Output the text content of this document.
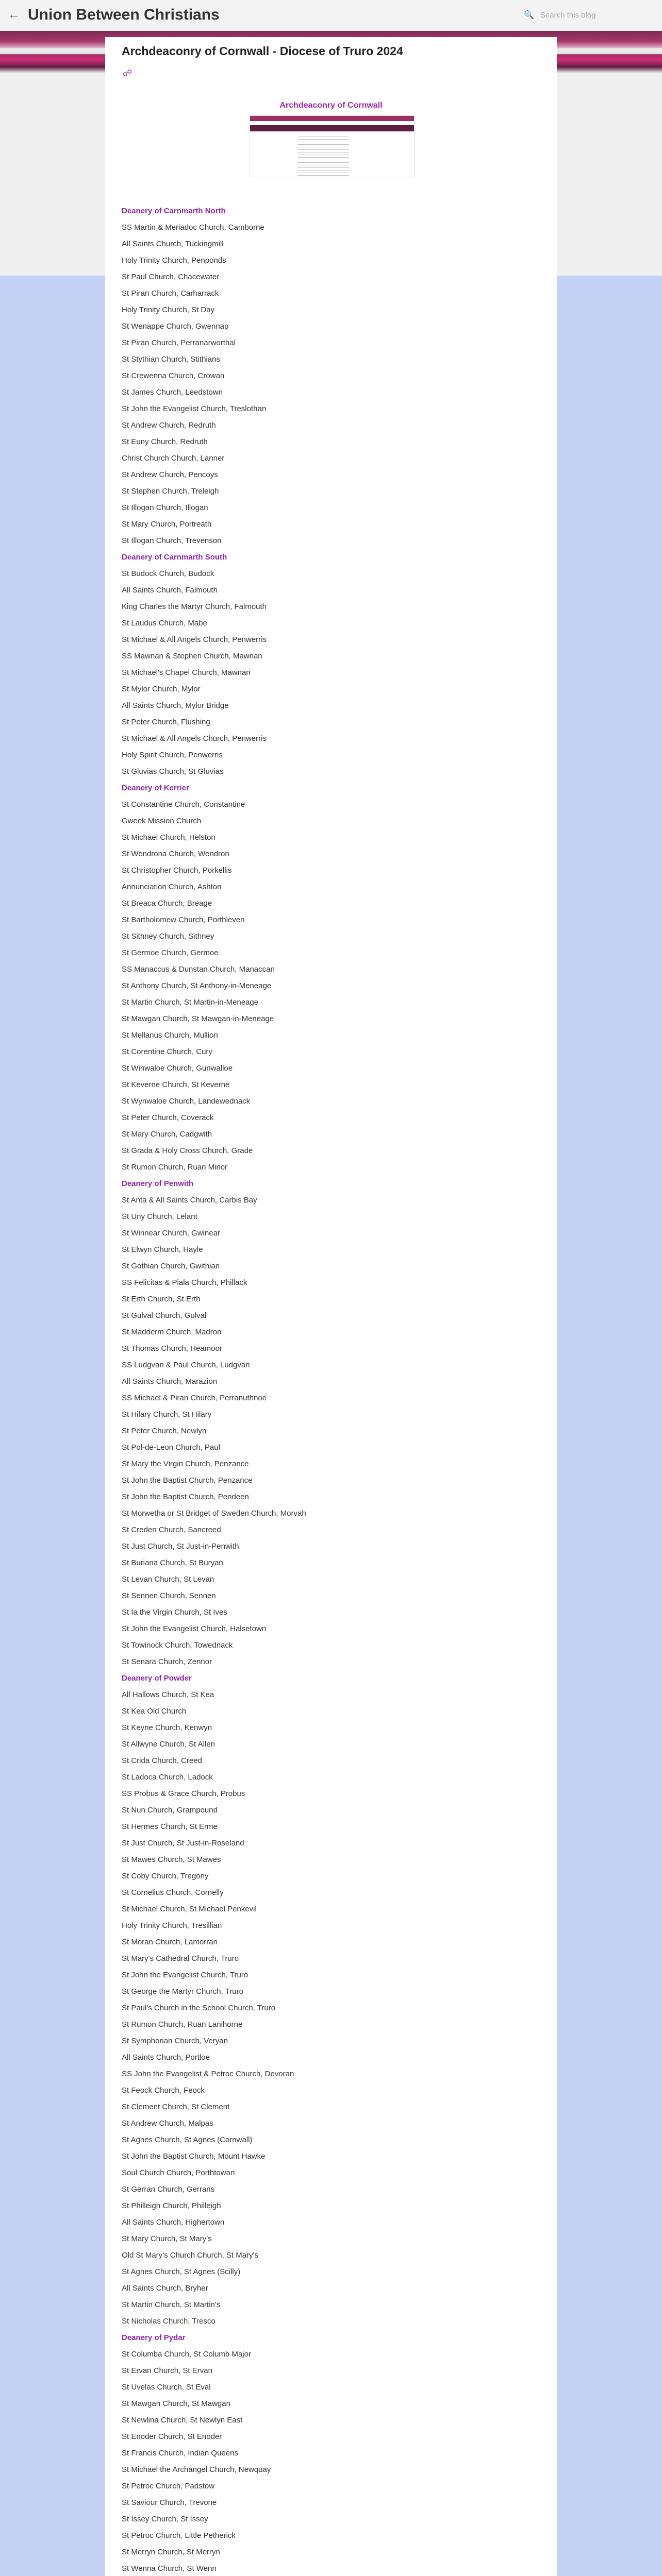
← Union Between Christians	🔍 Search this blog
Archdeaconry of Cornwall - Diocese of Truro 2024
☍
Archdeaconry of Cornwall
Deanery of Carnmarth North
SS Martin & Meriadoc Church, Camborne
All Saints Church, Tuckingmill
Holy Trinity Church, Penponds
St Paul Church, Chacewater
St Piran Church, Carharrack
Holy Trinity Church, St Day
St Wenappe Church, Gwennap
St Piran Church, Perranarworthal
St Stythian Church, Stithians
St Crewenna Church, Crowan
St James Church, Leedstown
St John the Evangelist Church, Treslothan
St Andrew Church, Redruth
St Euny Church, Redruth
Christ Church Church, Lanner
St Andrew Church, Pencoys
St Stephen Church, Treleigh
St Illogan Church, Illogan
St Mary Church, Portreath
St Illogan Church, Trevenson
Deanery of Carnmarth South
St Budock Church, Budock
All Saints Church, Falmouth
King Charles the Martyr Church, Falmouth
St Laudus Church, Mabe
St Michael & All Angels Church, Penwerris
SS Mawnan & Stephen Church, Mawnan
St Michael's Chapel Church, Mawnan
St Mylor Church, Mylor
All Saints Church, Mylor Bridge
St Peter Church, Flushing
St Michael & All Angels Church, Penwerris
Holy Spirit Church, Penwerris
St Gluvias Church, St Gluvias
Deanery of Kerrier
St Constantine Church, Constantine
Gweek Mission Church
St Michael Church, Helston
St Wendrona Church, Wendron
St Christopher Church, Porkellis
Annunciation Church, Ashton
St Breaca Church, Breage
St Bartholomew Church, Porthleven
St Sithney Church, Sithney
St Germoe Church, Germoe
SS Manaccus & Dunstan Church, Manaccan
St Anthony Church, St Anthony-in-Meneage
St Martin Church, St Martin-in-Meneage
St Mawgan Church, St Mawgan-in-Meneage
St Mellanus Church, Mullion
St Corentine Church, Cury
St Winwaloe Church, Gunwalloe
St Keverne Church, St Keverne
St Wynwaloe Church, Landewednack
St Peter Church, Coverack
St Mary Church, Cadgwith
St Grada & Holy Cross Church, Grade
St Rumon Church, Ruan Minor
Deanery of Penwith
St Anta & All Saints Church, Carbis Bay
St Uny Church, Lelant
St Winnear Church, Gwinear
St Elwyn Church, Hayle
St Gothian Church, Gwithian
SS Felicitas & Piala Church, Phillack
St Erth Church, St Erth
St Gulval Church, Gulval
St Madderm Church, Madron
St Thomas Church, Heamoor
SS Ludgvan & Paul Church, Ludgvan
All Saints Church, Marazion
SS Michael & Piran Church, Perranuthnoe
St Hilary Church, St Hilary
St Peter Church, Newlyn
St Pol-de-Leon Church, Paul
St Mary the Virgin Church, Penzance
St John the Baptist Church, Penzance
St John the Baptist Church, Pendeen
St Morwetha or St Bridget of Sweden Church, Morvah
St Creden Church, Sancreed
St Just Church, St Just-in-Penwith
St Buriana Church, St Buryan
St Levan Church, St Levan
St Sennen Church, Sennen
St Ia the Virgin Church, St Ives
St John the Evangelist Church, Halsetown
St Towinock Church, Towednack
St Senara Church, Zennor
Deanery of Powder
All Hallows Church, St Kea
St Kea Old Church
St Keyne Church, Kenwyn
St Allwyne Church, St Allen
St Crida Church, Creed
St Ladoca Church, Ladock
SS Probus & Grace Church, Probus
St Nun Church, Grampound
St Hermes Church, St Erme
St Just Church, St Just-in-Roseland
St Mawes Church, St Mawes
St Coby Church, Tregony
St Cornelius Church, Cornelly
St Michael Church, St Michael Penkevil
Holy Trinity Church, Tresillian
St Moran Church, Lamorran
St Mary's Cathedral Church, Truro
St John the Evangelist Church, Truro
St George the Martyr Church, Truro
St Paul's Church in the School Church, Truro
St Rumon Church, Ruan Lanihorne
St Symphorian Church, Veryan
All Saints Church, Portloe
SS John the Evangelist & Petroc Church, Devoran
St Feock Church, Feock
St Clement Church, St Clement
St Andrew Church, Malpas
St Agnes Church, St Agnes (Cornwall)
St John the Baptist Church, Mount Hawke
Soul Church Church, Porthtowan
St Gerran Church, Gerrans
St Philleigh Church, Philleigh
All Saints Church, Highertown
St Mary Church, St Mary's
Old St Mary's Church Church, St Mary's
St Agnes Church, St Agnes (Scilly)
All Saints Church, Bryher
St Martin Church, St Martin's
St Nicholas Church, Tresco
Deanery of Pydar
St Columba Church, St Columb Major
St Ervan Church, St Ervan
St Uvelas Church, St Eval
St Mawgan Church, St Mawgan
St Newlina Church, St Newlyn East
St Enoder Church, St Enoder
St Francis Church, Indian Queens
St Michael the Archangel Church, Newquay
St Petroc Church, Padstow
St Saviour Church, Trevone
St Issey Church, St Issey
St Petroc Church, Little Petherick
St Merryn Church, St Merryn
St Wenna Church, St Wenn
